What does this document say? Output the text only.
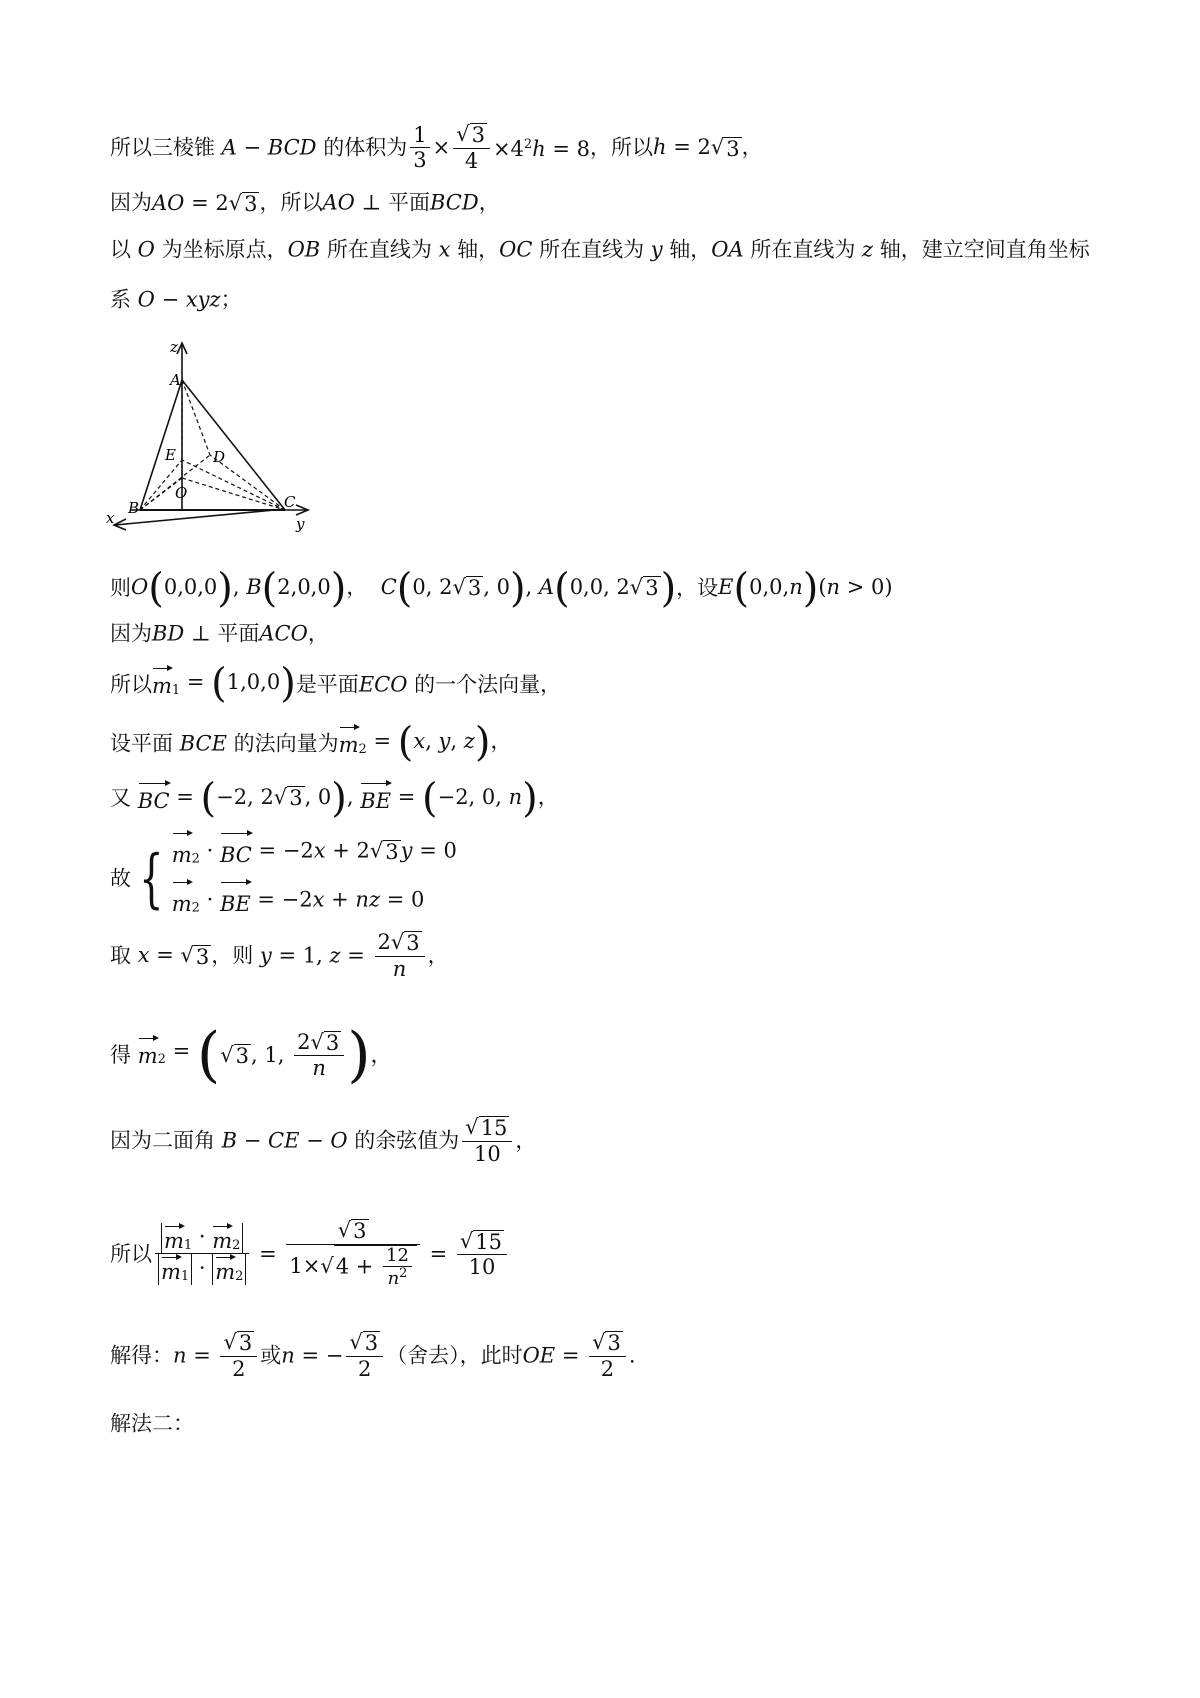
所以三棱锥 A − BCD 的体积为 $\frac{1}{3} \times \frac{√3}{4} \times 4^2h = 8$，所以h = 2√3，
因为AO = 2√3，所以AO ⊥ 平面BCD，
以 O 为坐标原点，OB 所在直线为 x 轴，OC 所在直线为 y 轴，OA 所在直线为 z 轴，建立空间直角坐标
系 O − xyz；
z
A
E D
O
B	C
x	y
则O(0,0,0), B(2,0,0)，  C(0, 2√3, 0), A(0,0, 2√3)，设E(0,0,n)(n > 0)
因为BD ⊥ 平面ACO，
所以$m_1 = (1,0,0)$是平面ECO 的一个法向量，
设平面 BCE 的法向量为$m_2 = (x$, y, z)，
又 BC = (−2, 2√3, 0), BE = (−2, 0, n)，
故 { $m_2$ · BC = −2x + 2√3y = 0
$m_2$ · BE = −2x + nz = 0
取 x = √3，则 y = 1, $z = \frac{2√3}{n}$ ，
得 $m_2 = (√3$, 1, $\frac{2√3}{n}$ )，
因为二面角 B − CE − O 的余弦值为 $\frac{√15}{10}$ ，
所以 $\frac{m_1 \cdot m_2}{m_1 \cdot m_2} = \frac{√3}{1\times√4 + \frac{12}{n^2}} = \frac{√15}{10}$
解得：$n = \frac{√3}{2}$ 或n = − $\frac{√3}{2}$ （舍去），此时OE = $\frac{√3}{2}$ .
解法二：
